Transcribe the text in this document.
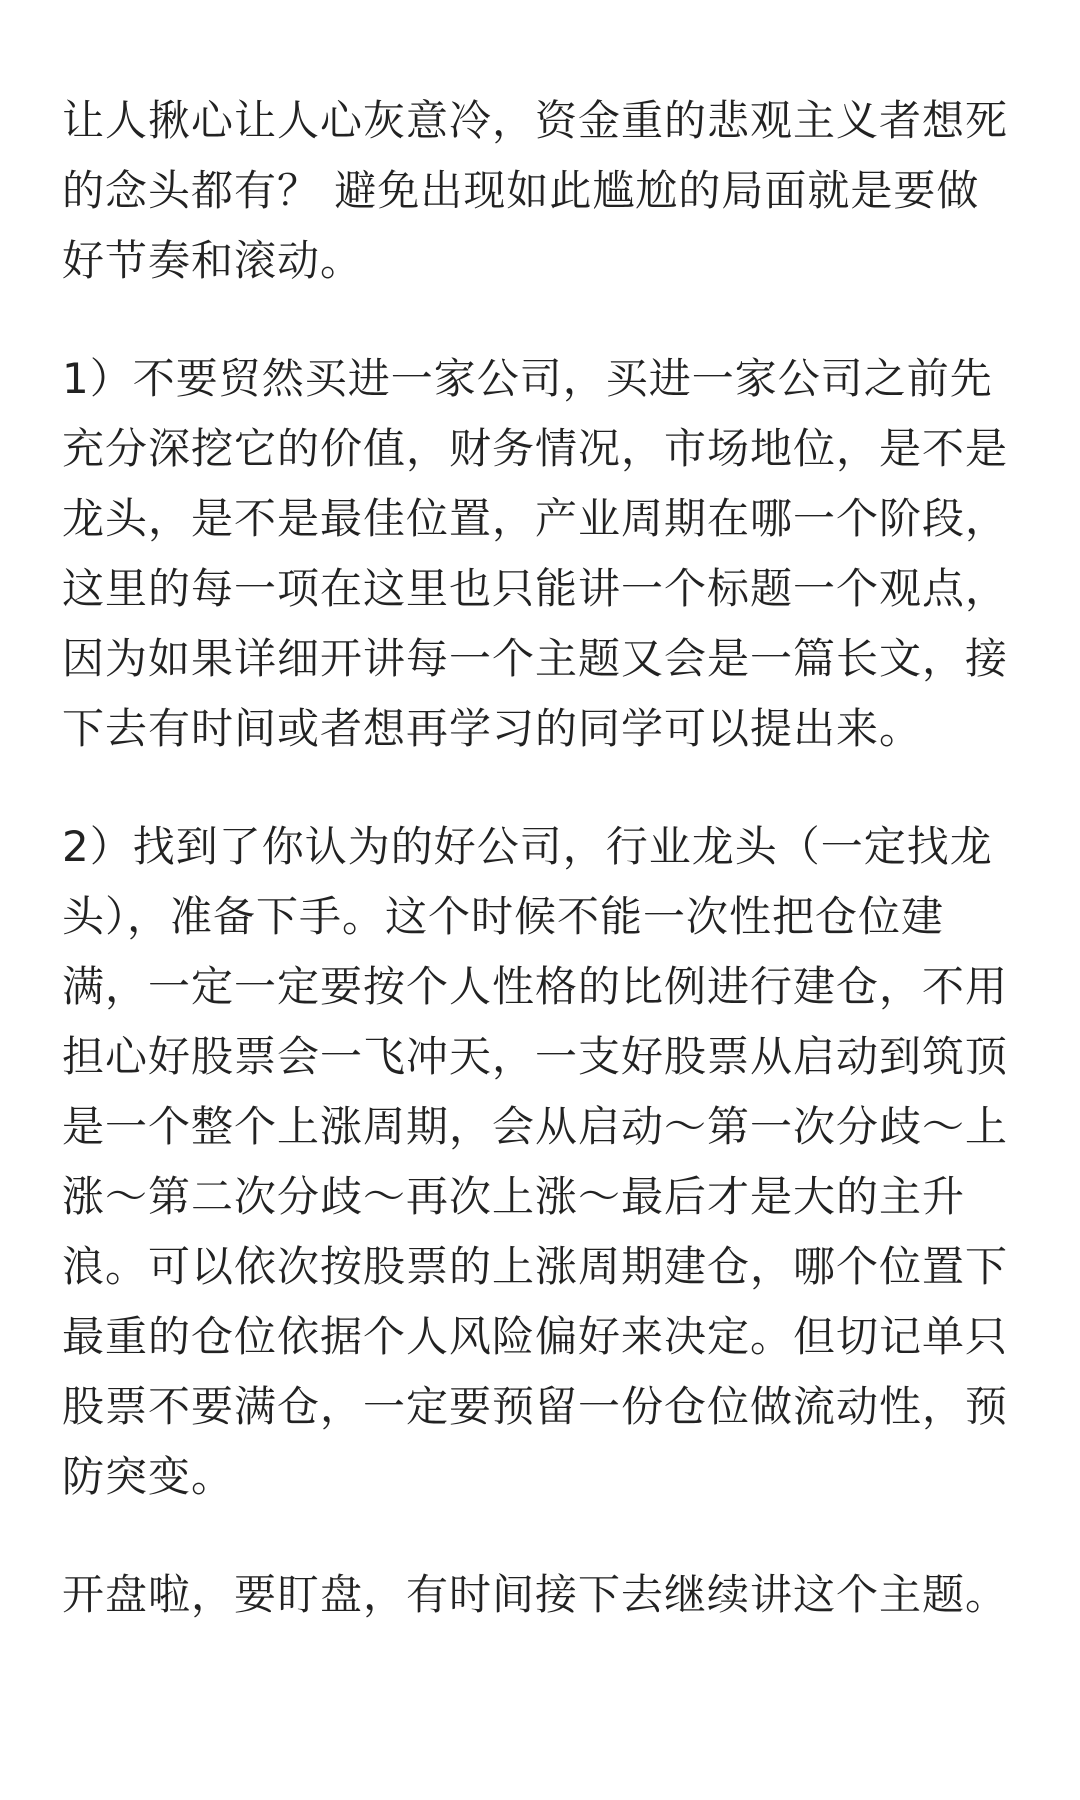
让人揪心让人心灰意冷，资金重的悲观主义者想死
的念头都有？ 避免出现如此尴尬的局面就是要做
好节奏和滚动。

1）不要贸然买进一家公司，买进一家公司之前先
充分深挖它的价值，财务情况，市场地位，是不是
龙头，是不是最佳位置，产业周期在哪一个阶段，
这里的每一项在这里也只能讲一个标题一个观点，
因为如果详细开讲每一个主题又会是一篇长文，接
下去有时间或者想再学习的同学可以提出来。

2）找到了你认为的好公司，行业龙头（一定找龙
头），准备下手。这个时候不能一次性把仓位建
满，一定一定要按个人性格的比例进行建仓，不用
担心好股票会一飞冲天，一支好股票从启动到筑顶
是一个整个上涨周期，会从启动～第一次分歧～上
涨～第二次分歧～再次上涨～最后才是大的主升
浪。可以依次按股票的上涨周期建仓，哪个位置下
最重的仓位依据个人风险偏好来决定。但切记单只
股票不要满仓，一定要预留一份仓位做流动性，预
防突变。

开盘啦，要盯盘，有时间接下去继续讲这个主题。
